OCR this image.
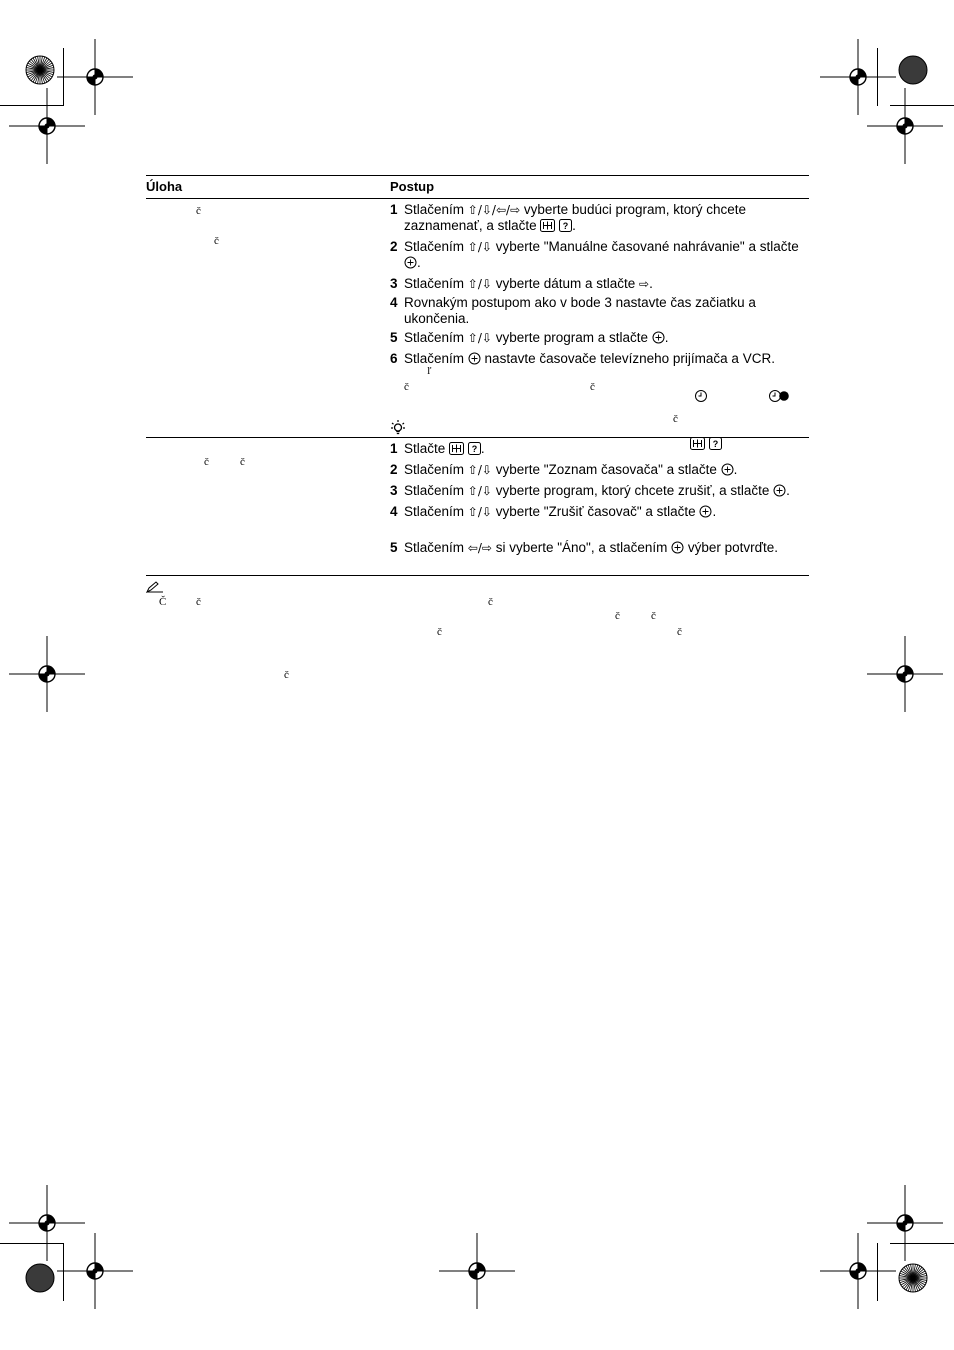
Úloha	Postup
č
č
1 Stlačením ⇧/⇩/⇦/⇨ vyberte budúci program, ktorý chcete zaznamenať, a stlačte	? .
2 Stlačením ⇧/⇩ vyberte "Manuálne časované nahrávanie" a stlačte .
3 Stlačením ⇧/⇩ vyberte dátum a stlačte ⇨.
4 Rovnakým postupom ako v bode 3 nastavte čas začiatku a ukončenia.
5 Stlačením ⇧/⇩ vyberte program a stlačte .
6 Stlačením  nastavte časovače televízneho prijímača a VCR.
ľ
č	č
č

?
č	č
1 Stlačte	? .
2 Stlačením ⇧/⇩ vyberte "Zoznam časovača" a stlačte .
3 Stlačením ⇧/⇩ vyberte program, ktorý chcete zrušiť, a stlačte .
4 Stlačením ⇧/⇩ vyberte "Zrušiť časovač" a stlačte .
5 Stlačením ⇦/⇨ si vyberte "Áno", a stlačením výber potvrďte.
Č	č	č
č	č
č	č
č
